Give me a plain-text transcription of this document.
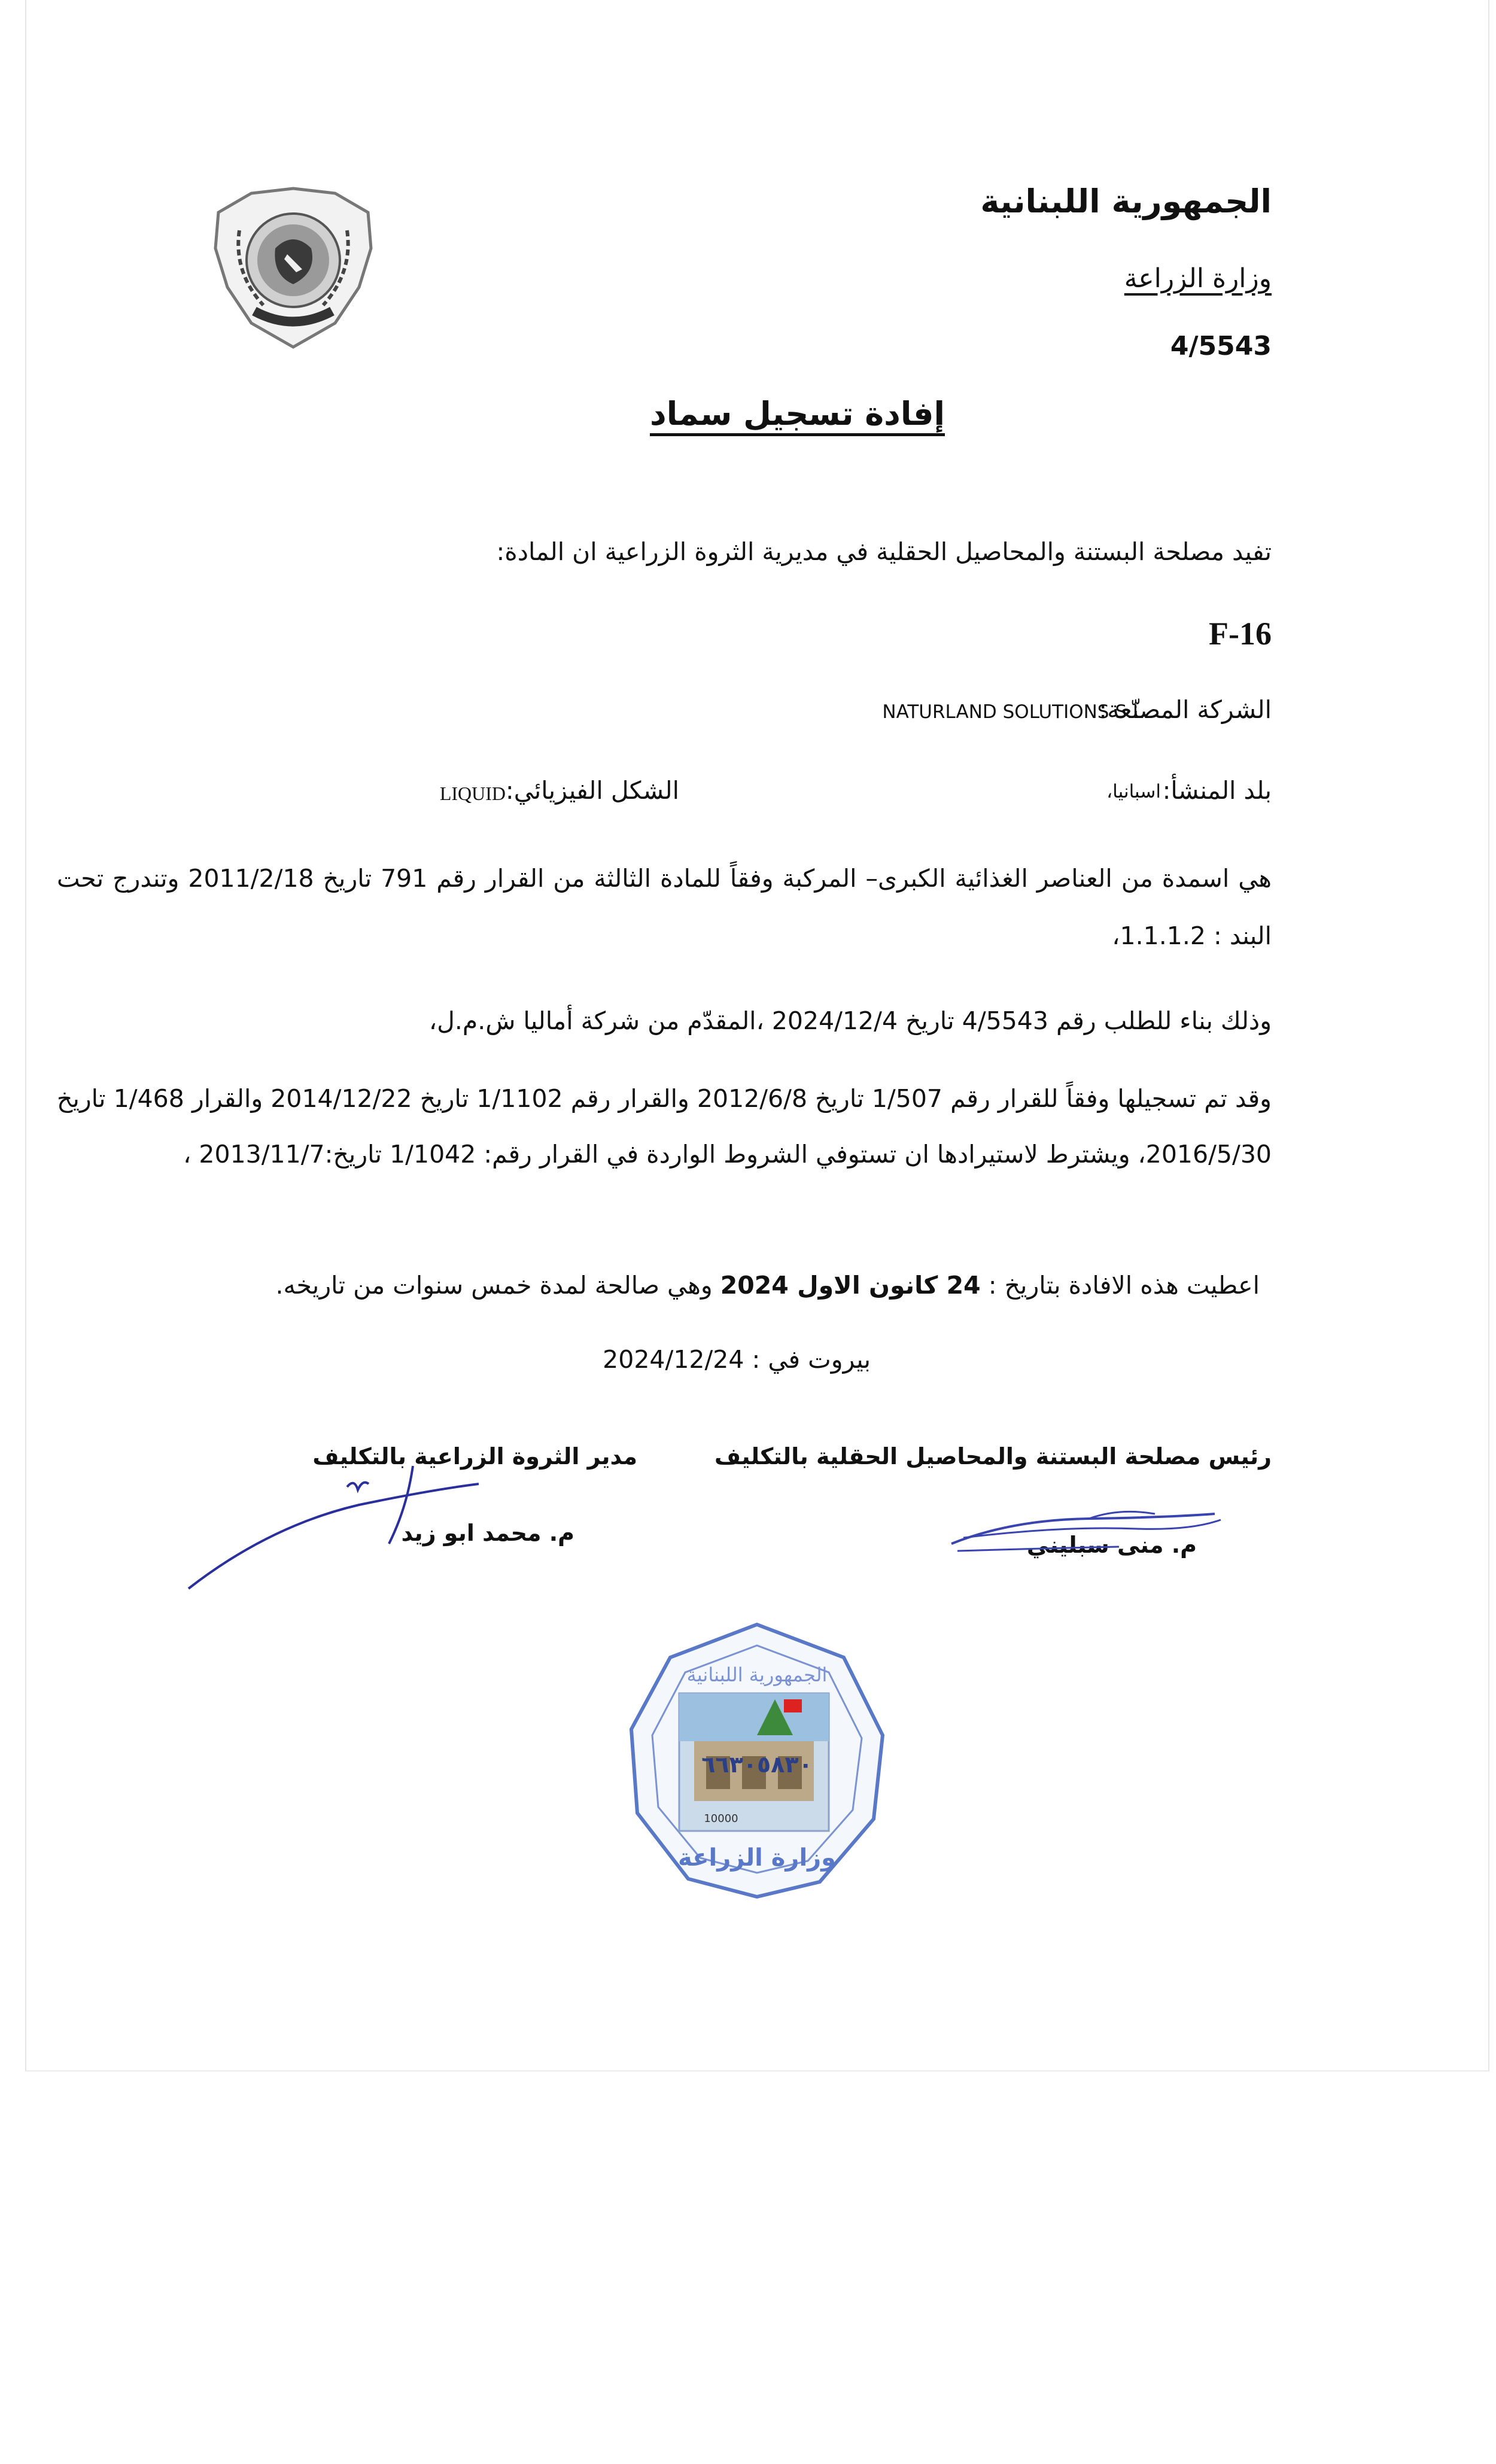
الجمهورية اللبنانية
وزارة الزراعة
4/5543
إفادة تسجيل سماد
تفيد مصلحة البستنة والمحاصيل الحقلية في مديرية الثروة الزراعية ان المادة:
F-16
الشركة المصنّعة:
NATURLAND SOLUTIONS S.L.
بلد المنشأ:
اسبانيا،
الشكل الفيزيائي:
LIQUID
هي اسمدة من العناصر الغذائية الكبرى– المركبة وفقاً للمادة الثالثة من القرار رقم 791 تاريخ 2011/2/18 وتندرج تحت البند : 1.1.1.2،
وذلك بناء للطلب رقم 4/5543 تاريخ 2024/12/4 ،المقدّم من شركة أماليا ش.م.ل،
وقد تم تسجيلها وفقاً للقرار رقم 1/507 تاريخ 2012/6/8 والقرار رقم 1/1102 تاريخ 2014/12/22 والقرار 1/468 تاريخ 2016/5/30، ويشترط لاستيرادها ان تستوفي الشروط الواردة في القرار رقم: 1/1042 تاريخ:2013/11/7 ،
اعطيت هذه الافادة بتاريخ : 24 كانون الاول 2024 وهي صالحة لمدة خمس سنوات من تاريخه.
بيروت في : 2024/12/24
مدير الثروة الزراعية بالتكليف	رئيس مصلحة البستنة والمحاصيل الحقلية بالتكليف
م. محمد ابو زيد	م. منى سبليني
٦٦٣٠٥٨٣٠
10000
وزارة الزراعة
الجمهورية اللبنانية
